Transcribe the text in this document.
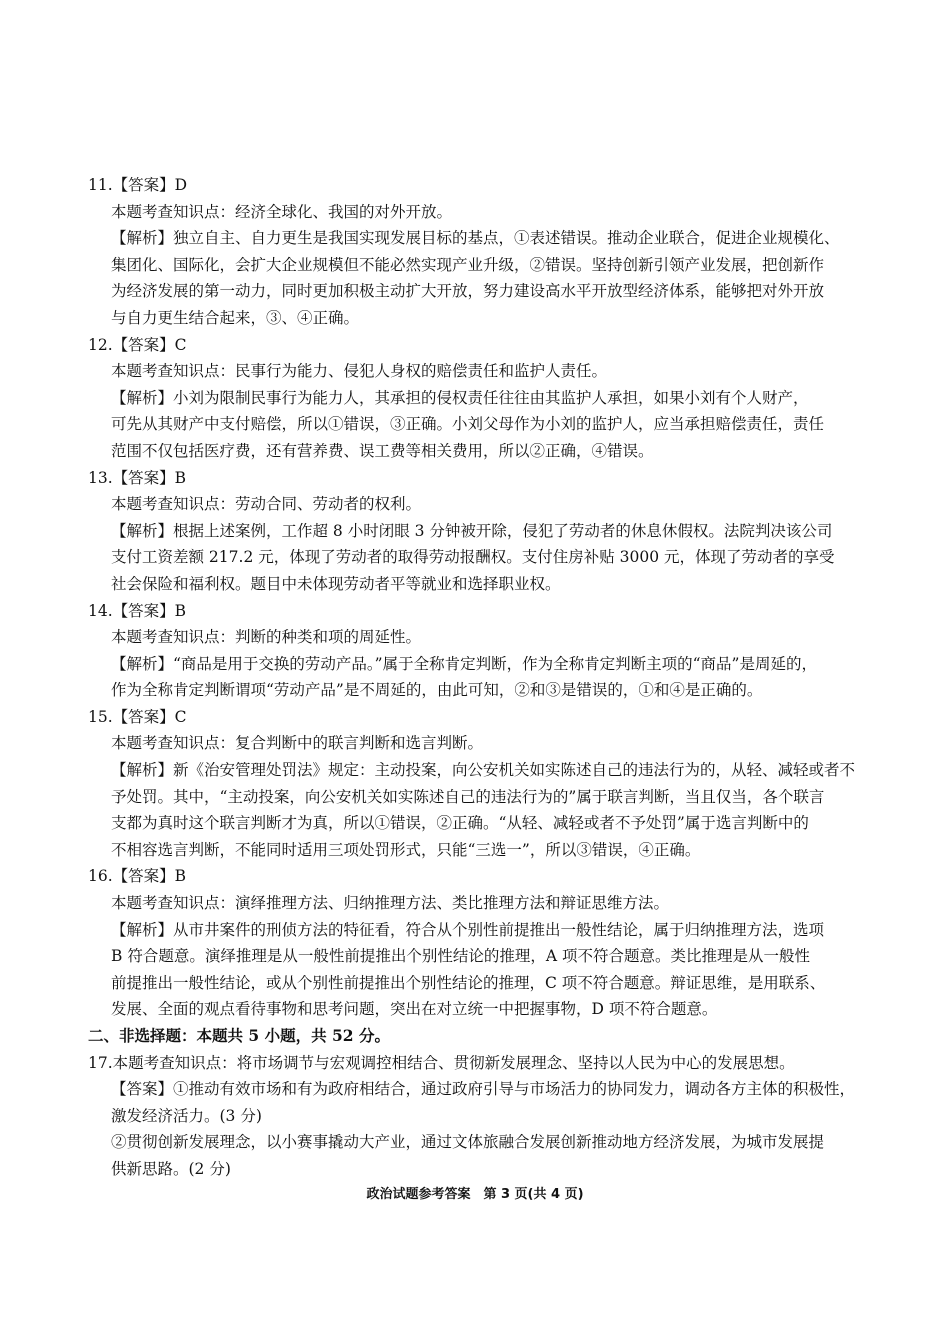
11.【答案】D
本题考查知识点：经济全球化、我国的对外开放。
【解析】独立自主、自力更生是我国实现发展目标的基点，①表述错误。推动企业联合，促进企业规模化、
集团化、国际化，会扩大企业规模但不能必然实现产业升级，②错误。坚持创新引领产业发展，把创新作
为经济发展的第一动力，同时更加积极主动扩大开放，努力建设高水平开放型经济体系，能够把对外开放
与自力更生结合起来，③、④正确。
12.【答案】C
本题考查知识点：民事行为能力、侵犯人身权的赔偿责任和监护人责任。
【解析】小刘为限制民事行为能力人，其承担的侵权责任往往由其监护人承担，如果小刘有个人财产，
可先从其财产中支付赔偿，所以①错误，③正确。小刘父母作为小刘的监护人，应当承担赔偿责任，责任
范围不仅包括医疗费，还有营养费、误工费等相关费用，所以②正确，④错误。
13.【答案】B
本题考查知识点：劳动合同、劳动者的权利。
【解析】根据上述案例，工作超 8 小时闭眼 3 分钟被开除，侵犯了劳动者的休息休假权。法院判决该公司
支付工资差额 217.2 元，体现了劳动者的取得劳动报酬权。支付住房补贴 3000 元，体现了劳动者的享受
社会保险和福利权。题目中未体现劳动者平等就业和选择职业权。
14.【答案】B
本题考查知识点：判断的种类和项的周延性。
【解析】“商品是用于交换的劳动产品。”属于全称肯定判断，作为全称肯定判断主项的“商品”是周延的，
作为全称肯定判断谓项“劳动产品”是不周延的，由此可知，②和③是错误的，①和④是正确的。
15.【答案】C
本题考查知识点：复合判断中的联言判断和选言判断。
【解析】新《治安管理处罚法》规定：主动投案，向公安机关如实陈述自己的违法行为的，从轻、减轻或者不
予处罚。其中，“主动投案，向公安机关如实陈述自己的违法行为的”属于联言判断，当且仅当，各个联言
支都为真时这个联言判断才为真，所以①错误，②正确。“从轻、减轻或者不予处罚”属于选言判断中的
不相容选言判断，不能同时适用三项处罚形式，只能“三选一”，所以③错误，④正确。
16.【答案】B
本题考查知识点：演绎推理方法、归纳推理方法、类比推理方法和辩证思维方法。
【解析】从市井案件的刑侦方法的特征看，符合从个别性前提推出一般性结论，属于归纳推理方法，选项
B 符合题意。演绎推理是从一般性前提推出个别性结论的推理，A 项不符合题意。类比推理是从一般性
前提推出一般性结论，或从个别性前提推出个别性结论的推理，C 项不符合题意。辩证思维，是用联系、
发展、全面的观点看待事物和思考问题，突出在对立统一中把握事物，D 项不符合题意。
二、非选择题：本题共 5 小题，共 52 分。
17.本题考查知识点：将市场调节与宏观调控相结合、贯彻新发展理念、坚持以人民为中心的发展思想。
【答案】①推动有效市场和有为政府相结合，通过政府引导与市场活力的协同发力，调动各方主体的积极性，
激发经济活力。(3 分)
②贯彻创新发展理念，以小赛事撬动大产业，通过文体旅融合发展创新推动地方经济发展，为城市发展提
供新思路。(2 分)
政治试题参考答案　第 3 页(共 4 页)
